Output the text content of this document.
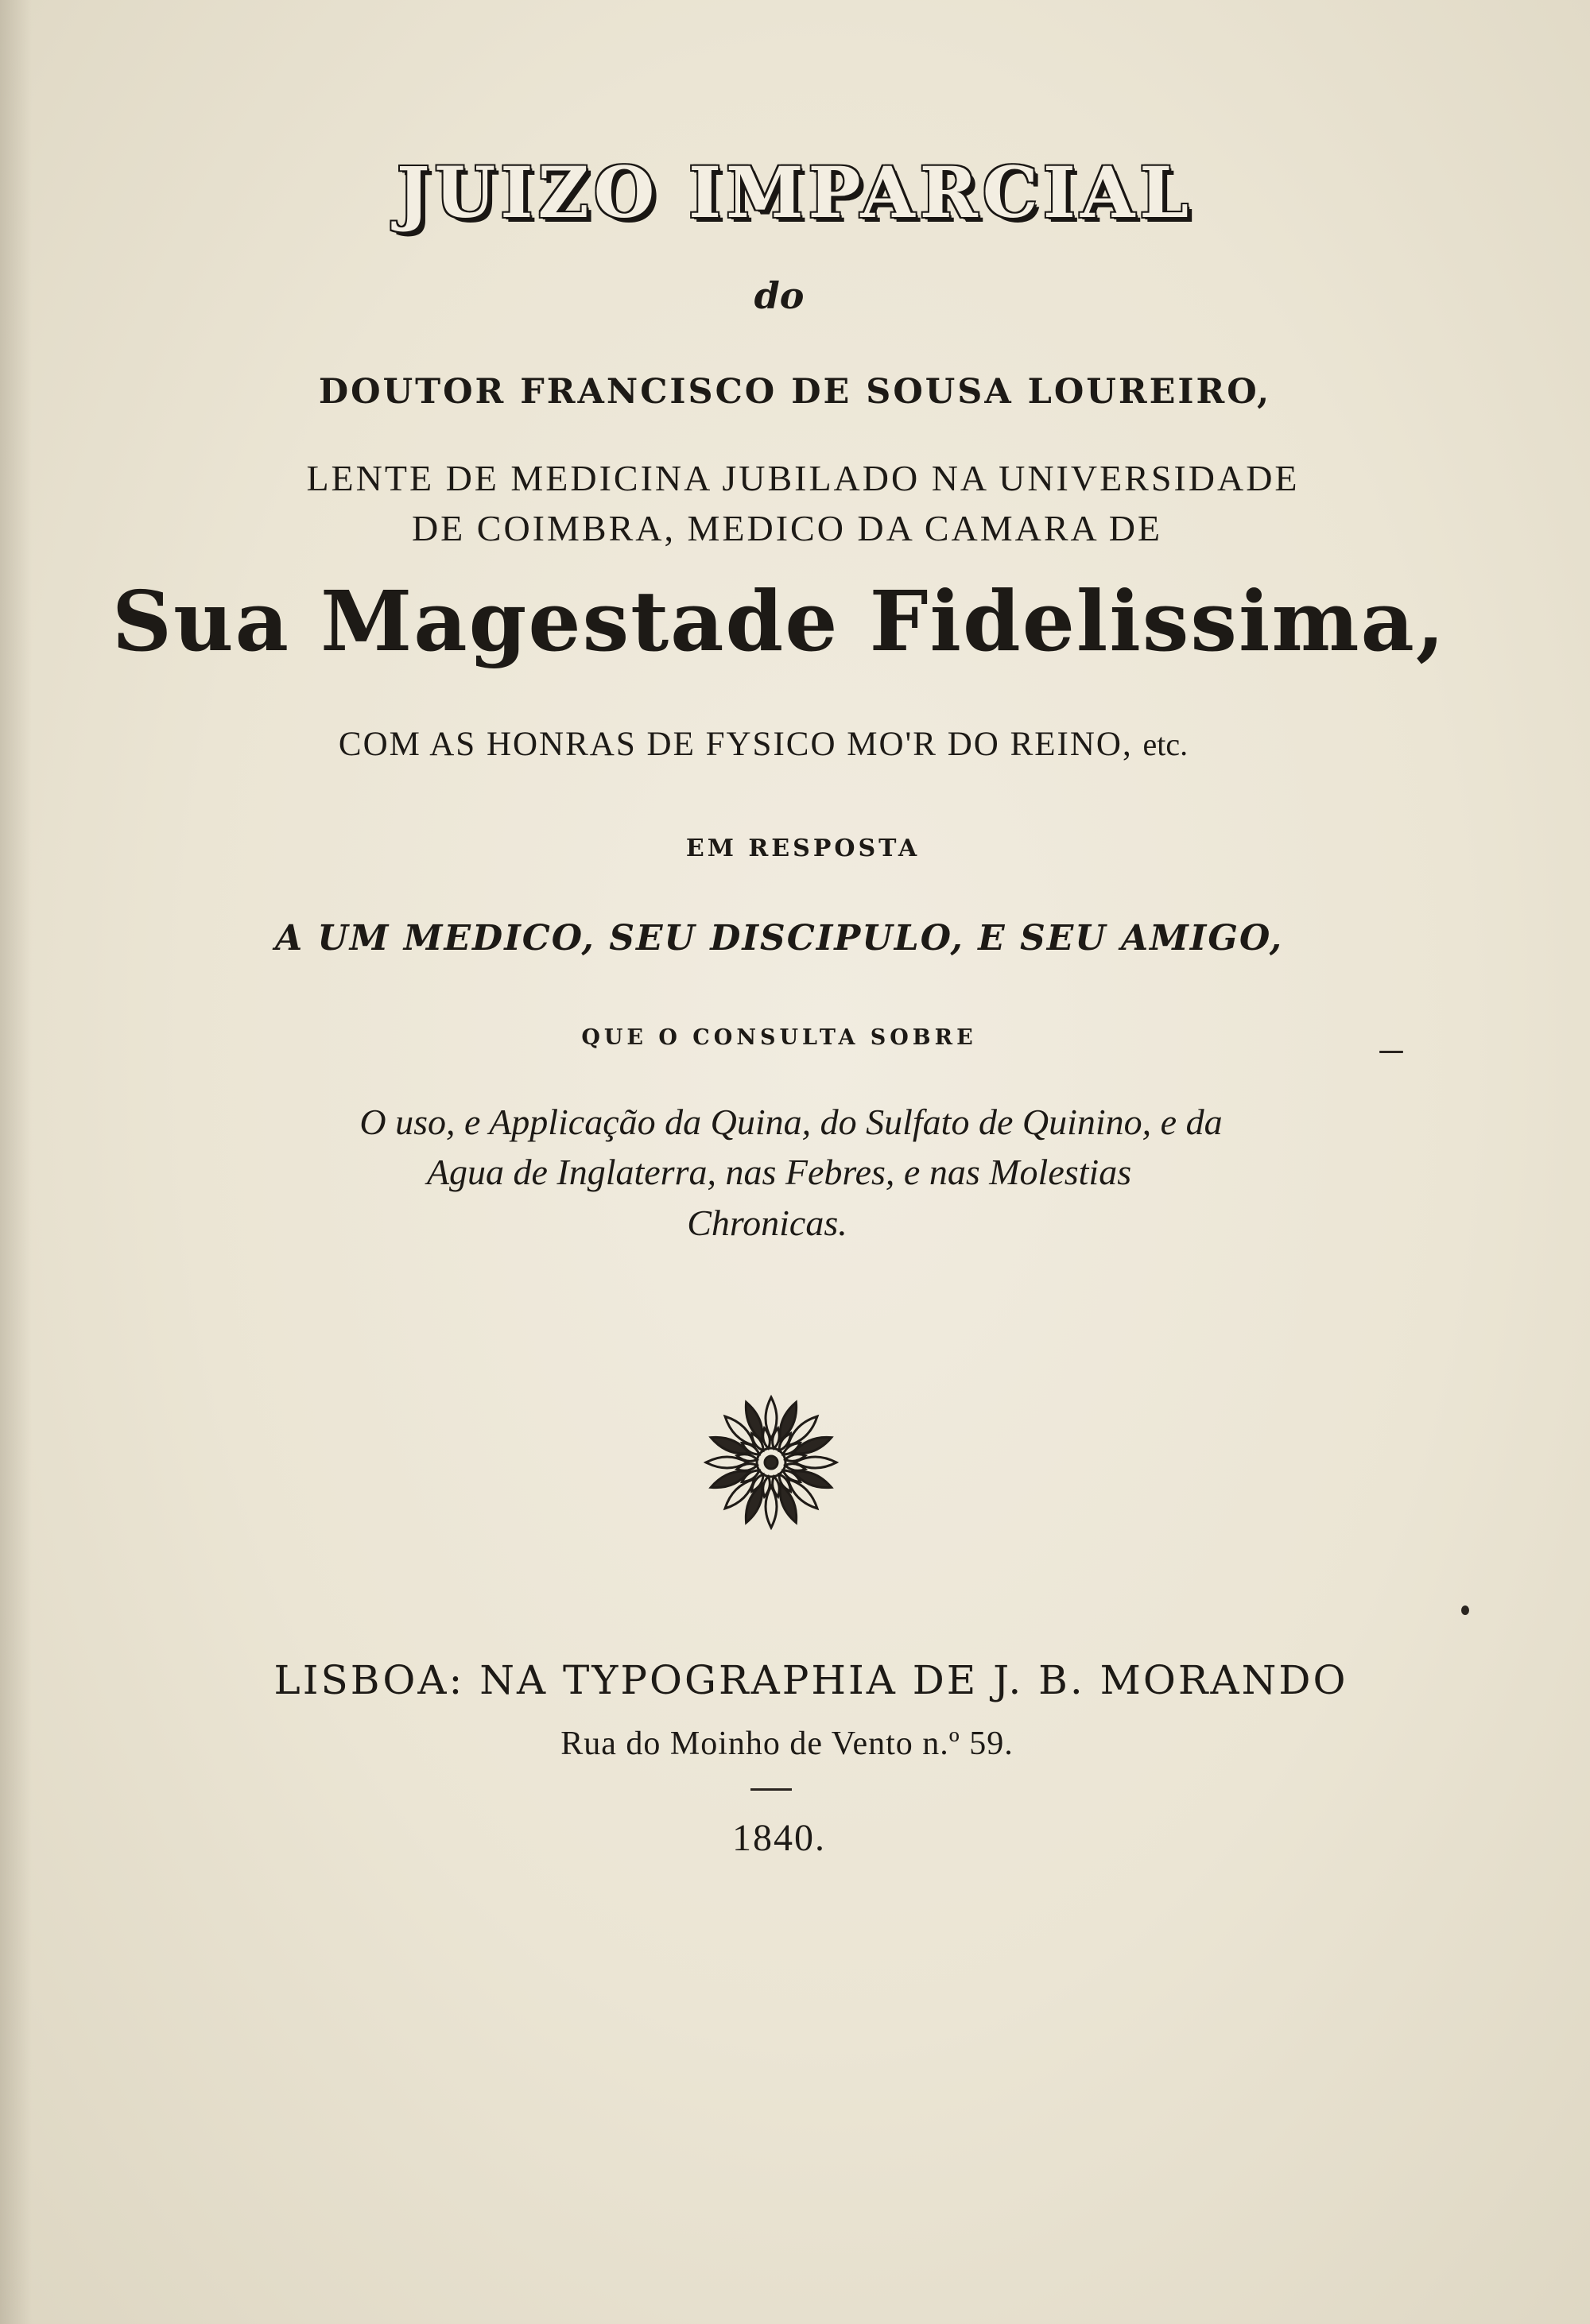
JUIZO IMPARCIAL
do
DOUTOR FRANCISCO DE SOUSA LOUREIRO,
LENTE DE MEDICINA JUBILADO NA UNIVERSIDADE
DE COIMBRA, MEDICO DA CAMARA DE
Sua Magestade Fidelissima,
COM AS HONRAS DE FYSICO MO'R DO REINO, etc.
EM RESPOSTA
A UM MEDICO, SEU DISCIPULO, E SEU AMIGO,
QUE O CONSULTA SOBRE
O uso, e Applicação da Quina, do Sulfato de Quinino, e da
Agua de Inglaterra, nas Febres, e nas Molestias
Chronicas.
LISBOA: NA TYPOGRAPHIA DE J. B. MORANDO
Rua do Moinho de Vento n.º 59.
1840.
